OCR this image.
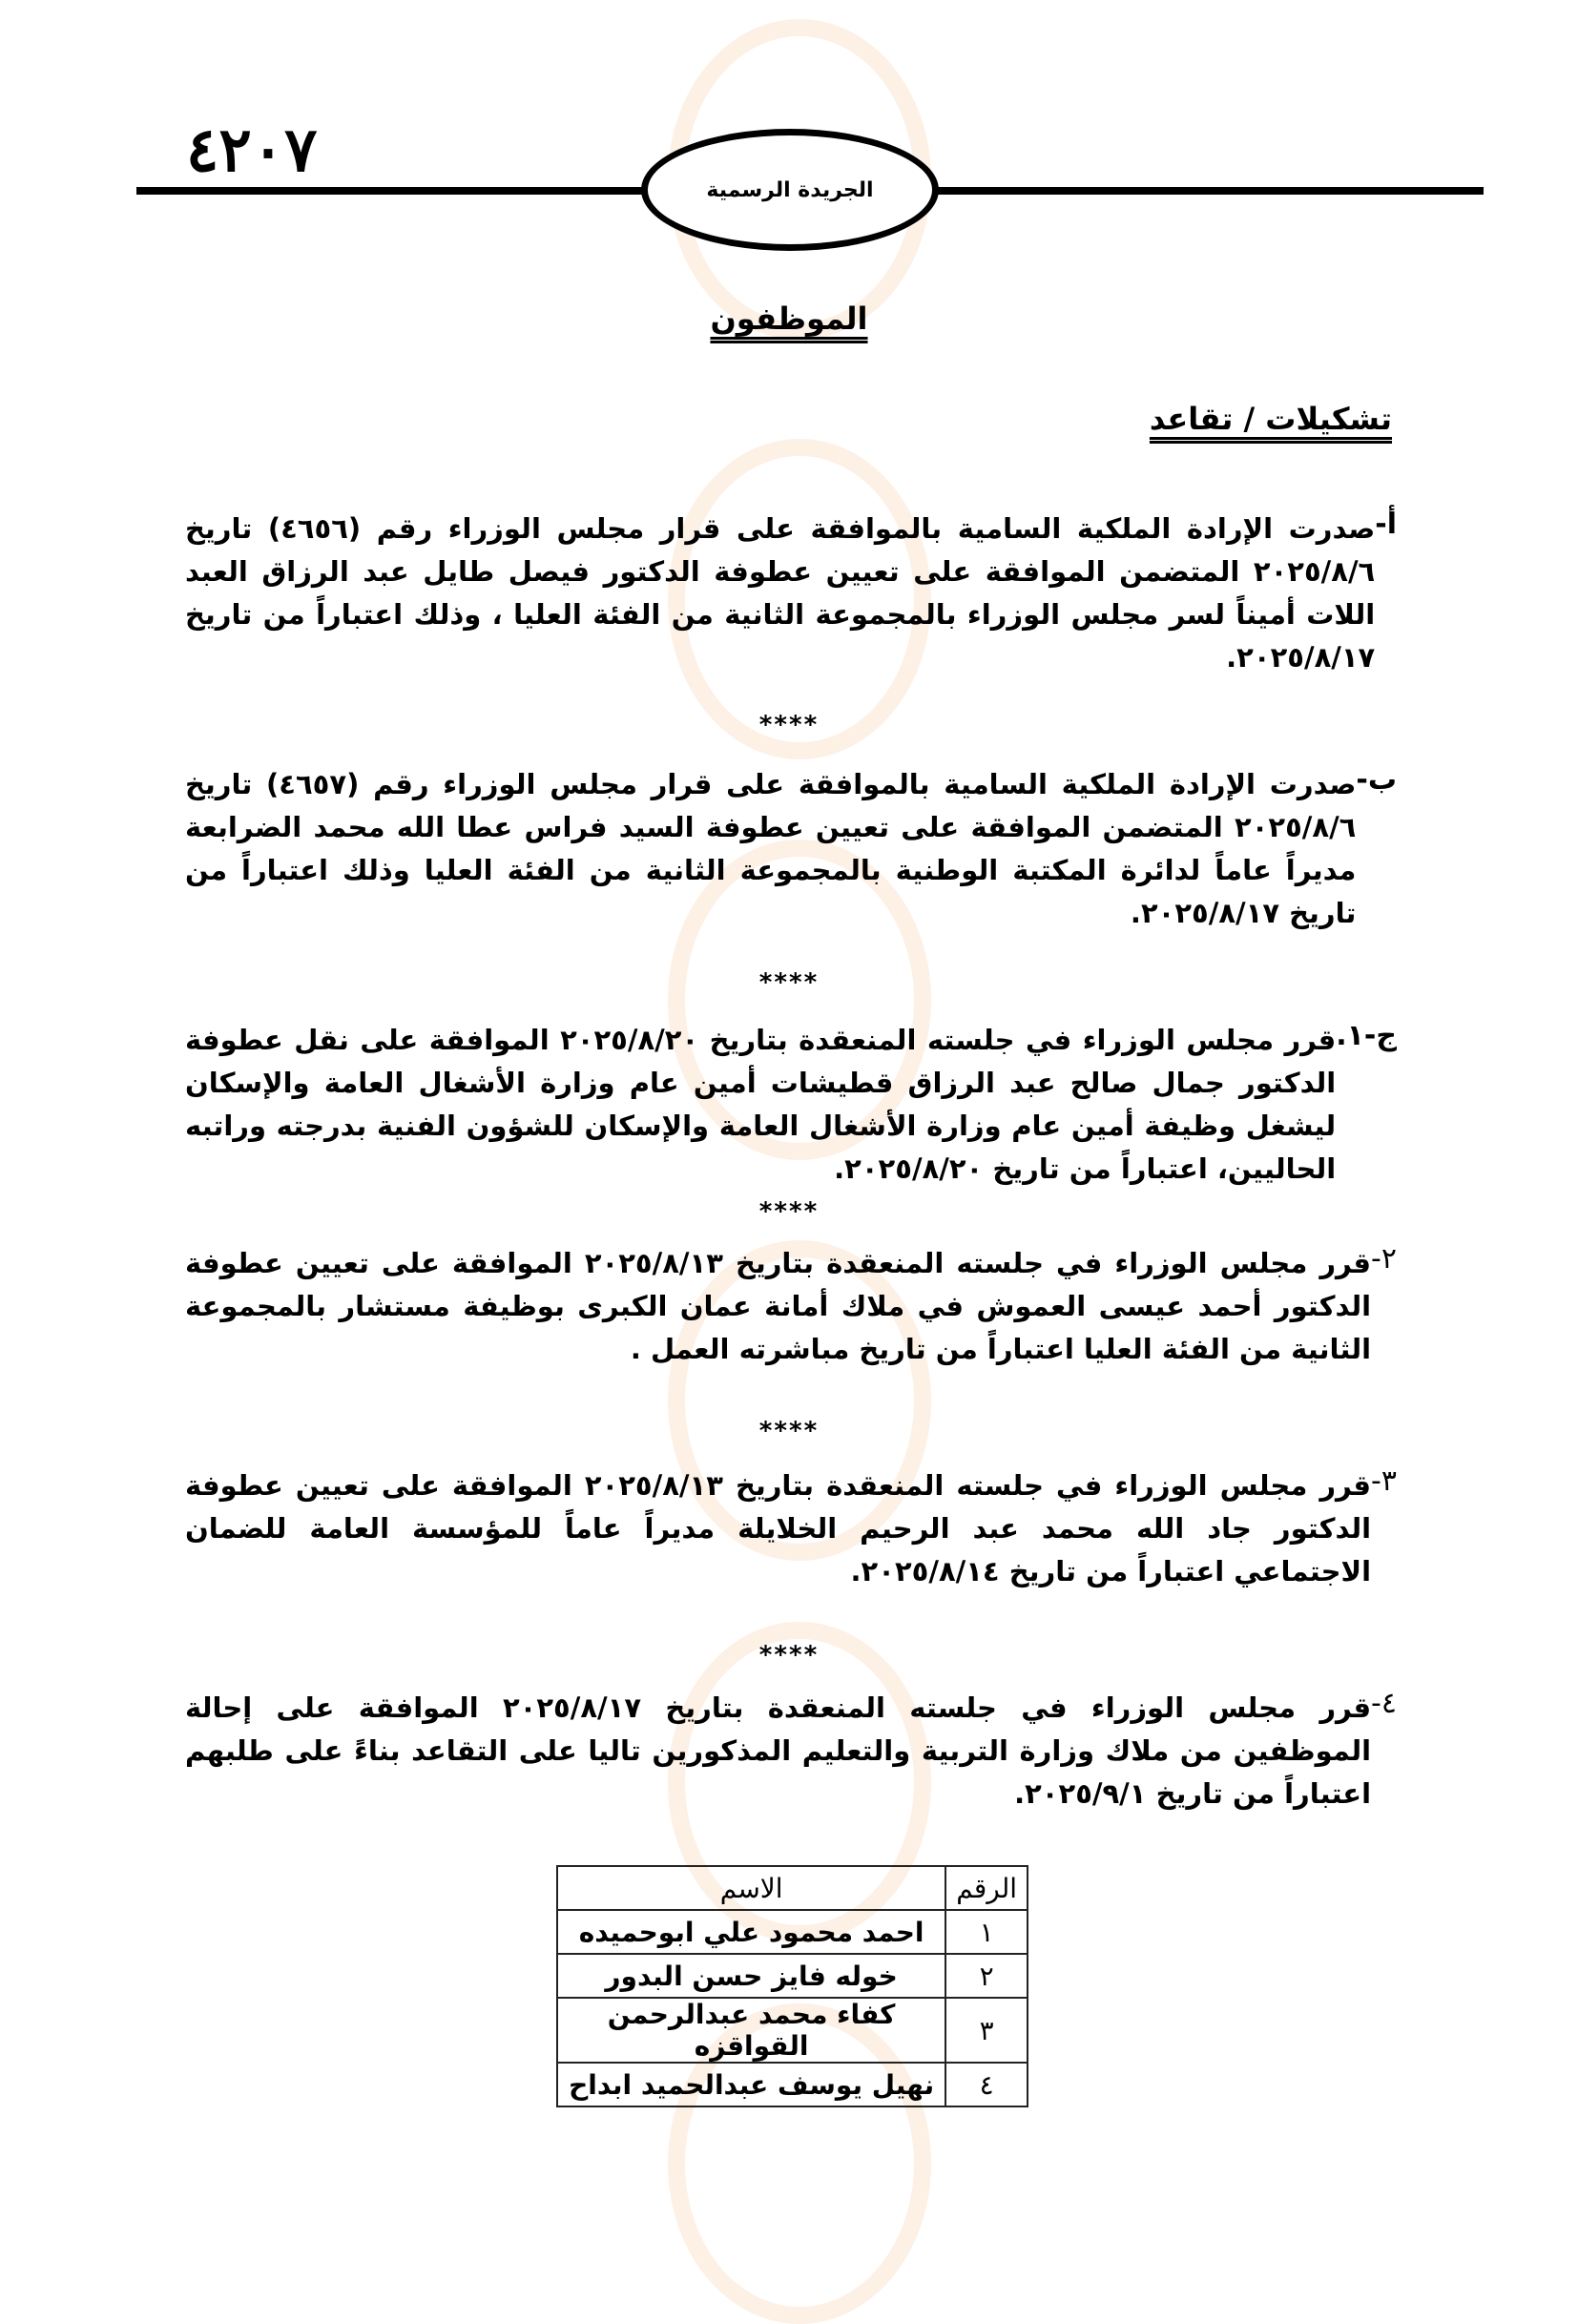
٤٢٠٧
الجريدة الرسمية
الموظفون
تشكيلات / تقاعد
أ-
صدرت الإرادة الملكية السامية بالموافقة على قرار مجلس الوزراء رقم (٤٦٥٦) تاريخ ٢٠٢٥/٨/٦ المتضمن الموافقة على تعيين عطوفة الدكتور فيصل طايل عبد الرزاق العبد اللات أميناً لسر مجلس الوزراء بالمجموعة الثانية من الفئة العليا ، وذلك اعتباراً من تاريخ ٢٠٢٥/٨/١٧.
****
ب-
صدرت الإرادة الملكية السامية بالموافقة على قرار مجلس الوزراء رقم (٤٦٥٧) تاريخ ٢٠٢٥/٨/٦ المتضمن الموافقة على تعيين عطوفة السيد فراس عطا الله محمد الضرابعة مديراً عاماً لدائرة المكتبة الوطنية بالمجموعة الثانية من الفئة العليا وذلك اعتباراً من تاريخ ٢٠٢٥/٨/١٧.
****
ج-١.
قرر مجلس الوزراء في جلسته المنعقدة بتاريخ ٢٠٢٥/٨/٢٠ الموافقة على نقل عطوفة الدكتور جمال صالح عبد الرزاق قطيشات أمين عام وزارة الأشغال العامة والإسكان ليشغل وظيفة أمين عام وزارة الأشغال العامة والإسكان للشؤون الفنية بدرجته وراتبه الحاليين، اعتباراً من تاريخ ٢٠٢٥/٨/٢٠.
****
٢-
قرر مجلس الوزراء في جلسته المنعقدة بتاريخ ٢٠٢٥/٨/١٣ الموافقة على تعيين عطوفة الدكتور أحمد عيسى العموش في ملاك أمانة عمان الكبرى بوظيفة مستشار بالمجموعة الثانية من الفئة العليا اعتباراً من تاريخ مباشرته العمل .
****
٣-
قرر مجلس الوزراء في جلسته المنعقدة بتاريخ ٢٠٢٥/٨/١٣ الموافقة على تعيين عطوفة الدكتور جاد الله محمد عبد الرحيم الخلايلة مديراً عاماً للمؤسسة العامة للضمان الاجتماعي اعتباراً من تاريخ ٢٠٢٥/٨/١٤.
****
٤-
قرر مجلس الوزراء في جلسته المنعقدة بتاريخ ٢٠٢٥/٨/١٧ الموافقة على إحالة الموظفين من ملاك وزارة التربية والتعليم المذكورين تاليا على التقاعد بناءً على طلبهم اعتباراً من تاريخ ٢٠٢٥/٩/١.
الرقم	الاسم
١	احمد محمود علي ابوحميده
٢	خوله فايز حسن البدور
٣	كفاء محمد عبدالرحمن القواقزه
٤	نهيل يوسف عبدالحميد ابداح
